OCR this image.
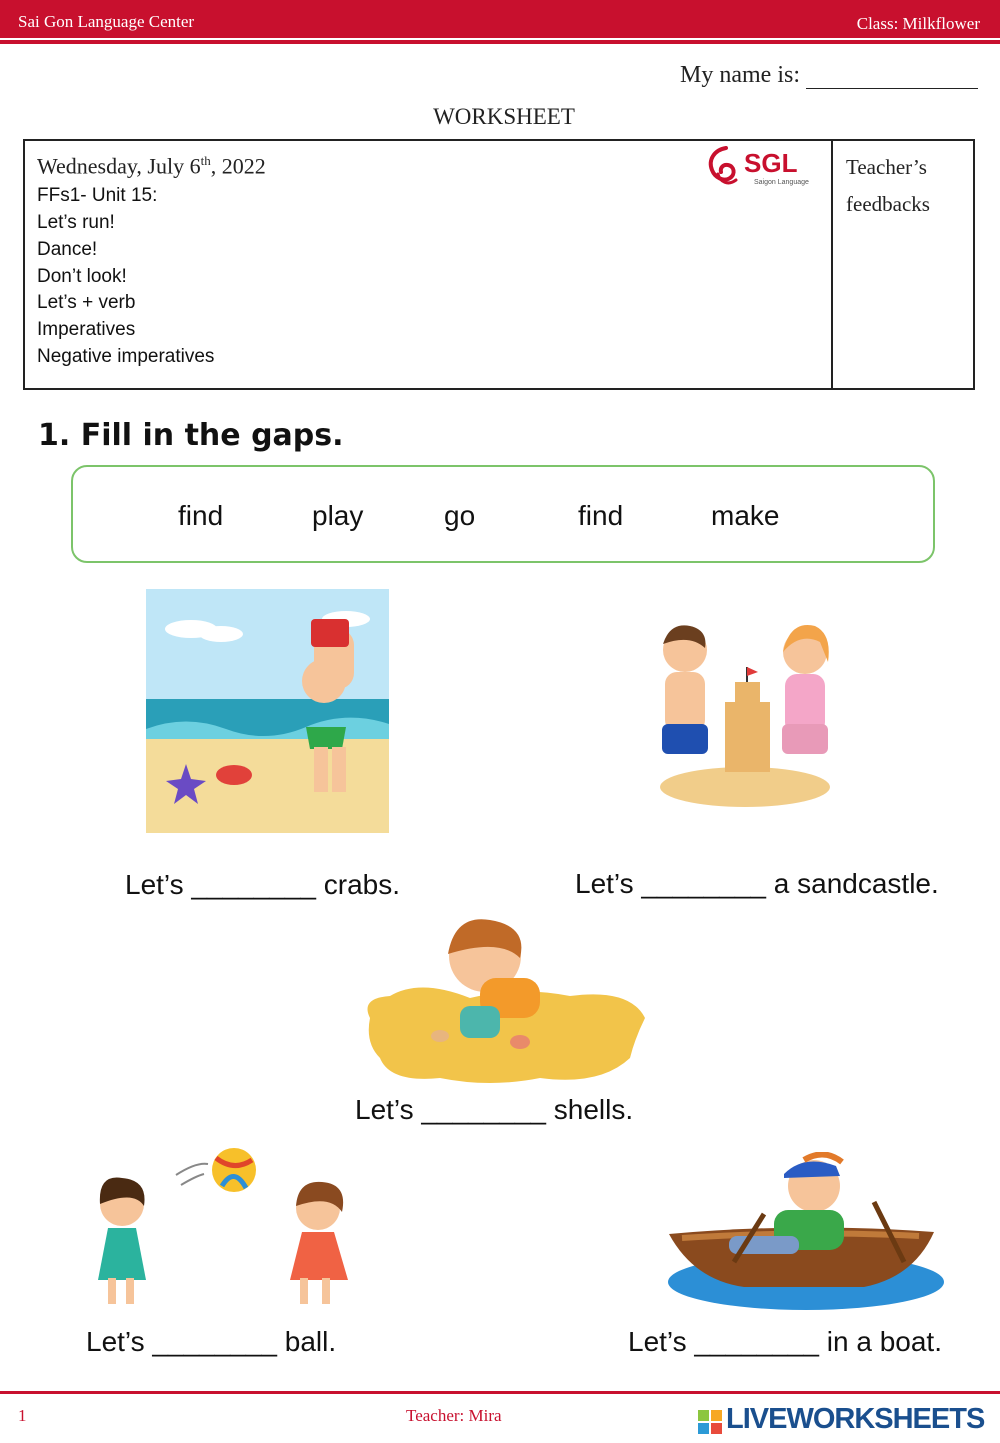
Sai Gon Language Center	Class: Milkflower
My name is:
WORKSHEET
Wednesday, July 6th, 2022
FFs1- Unit 15:
Let’s run!
Dance!
Don’t look!
Let’s + verb
Imperatives
Negative imperatives
Teacher’s
feedbacks
SGL
Saigon Language
1. Fill in the gaps.
find	play	go	find	make
Let’s ________ crabs.	Let’s ________ a sandcastle.
Let’s ________ shells.
Let’s ________ ball.	Let’s ________ in a boat.
1	Teacher: Mira	LIVEWORKSHEETS
